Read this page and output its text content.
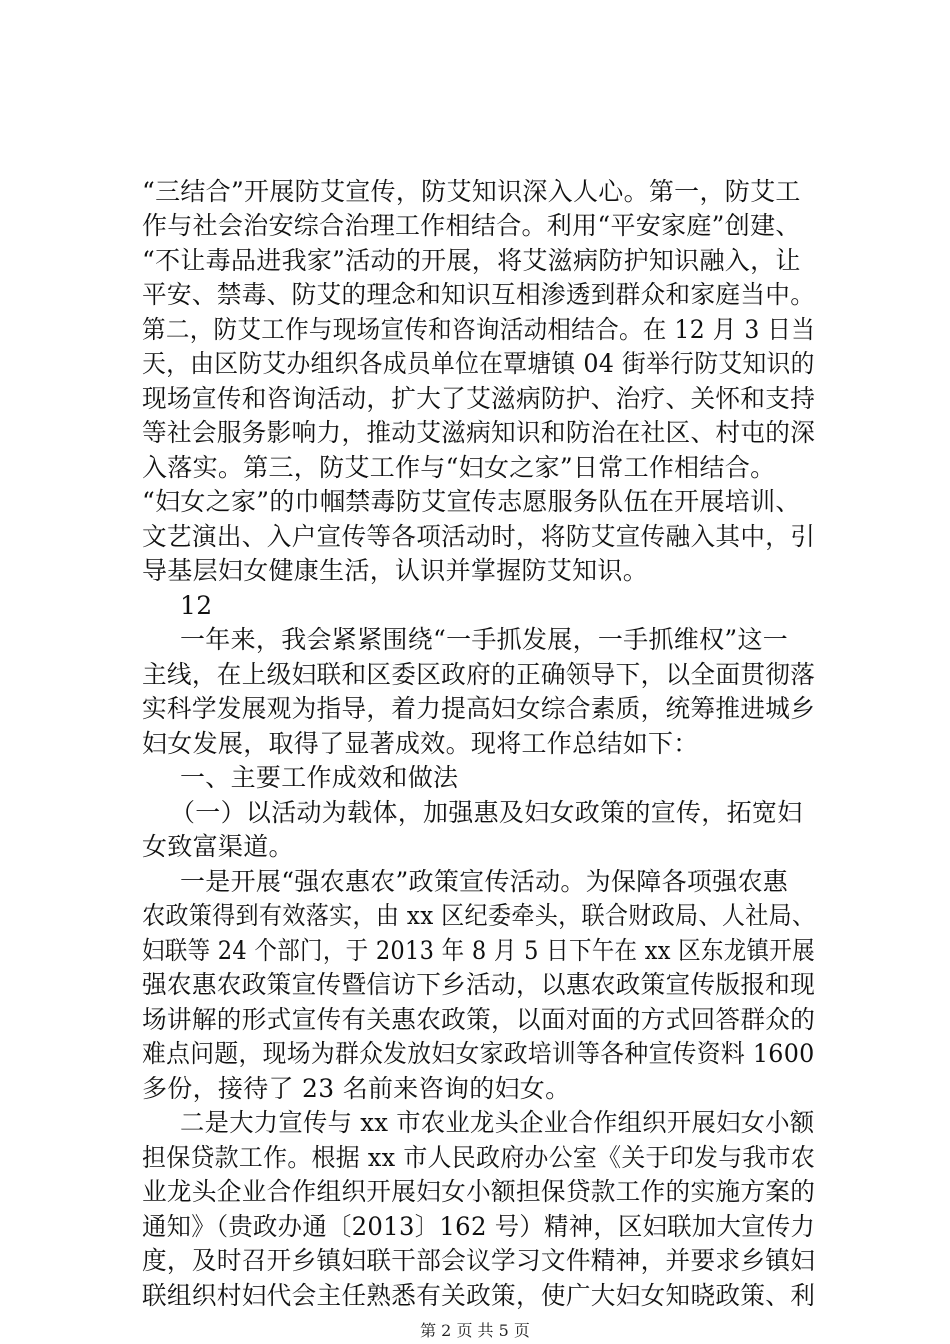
“三结合”开展防艾宣传，防艾知识深入人心。第一，防艾工
作与社会治安综合治理工作相结合。利用“平安家庭”创建、
“不让毒品进我家”活动的开展，将艾滋病防护知识融入，让
平安、禁毒、防艾的理念和知识互相渗透到群众和家庭当中。
第二，防艾工作与现场宣传和咨询活动相结合。在 12 月 3 日当
天，由区防艾办组织各成员单位在覃塘镇 04 街举行防艾知识的
现场宣传和咨询活动，扩大了艾滋病防护、治疗、关怀和支持
等社会服务影响力，推动艾滋病知识和防治在社区、村屯的深
入落实。第三，防艾工作与“妇女之家”日常工作相结合。
“妇女之家”的巾帼禁毒防艾宣传志愿服务队伍在开展培训、
文艺演出、入户宣传等各项活动时，将防艾宣传融入其中，引
导基层妇女健康生活，认识并掌握防艾知识。
12
一年来，我会紧紧围绕“一手抓发展，一手抓维权”这一
主线，在上级妇联和区委区政府的正确领导下，以全面贯彻落
实科学发展观为指导，着力提高妇女综合素质，统筹推进城乡
妇女发展，取得了显著成效。现将工作总结如下：
一、主要工作成效和做法
（一）以活动为载体，加强惠及妇女政策的宣传，拓宽妇
女致富渠道。
一是开展“强农惠农”政策宣传活动。为保障各项强农惠
农政策得到有效落实，由 xx 区纪委牵头，联合财政局、人社局、
妇联等 24 个部门，于 2013 年 8 月 5 日下午在 xx 区东龙镇开展
强农惠农政策宣传暨信访下乡活动，以惠农政策宣传版报和现
场讲解的形式宣传有关惠农政策，以面对面的方式回答群众的
难点问题，现场为群众发放妇女家政培训等各种宣传资料 1600
多份，接待了 23 名前来咨询的妇女。
二是大力宣传与 xx 市农业龙头企业合作组织开展妇女小额
担保贷款工作。根据 xx 市人民政府办公室《关于印发与我市农
业龙头企业合作组织开展妇女小额担保贷款工作的实施方案的
通知》（贵政办通〔2013〕162 号）精神，区妇联加大宣传力
度，及时召开乡镇妇联干部会议学习文件精神，并要求乡镇妇
联组织村妇代会主任熟悉有关政策，使广大妇女知晓政策、利
第 2 页 共 5 页
